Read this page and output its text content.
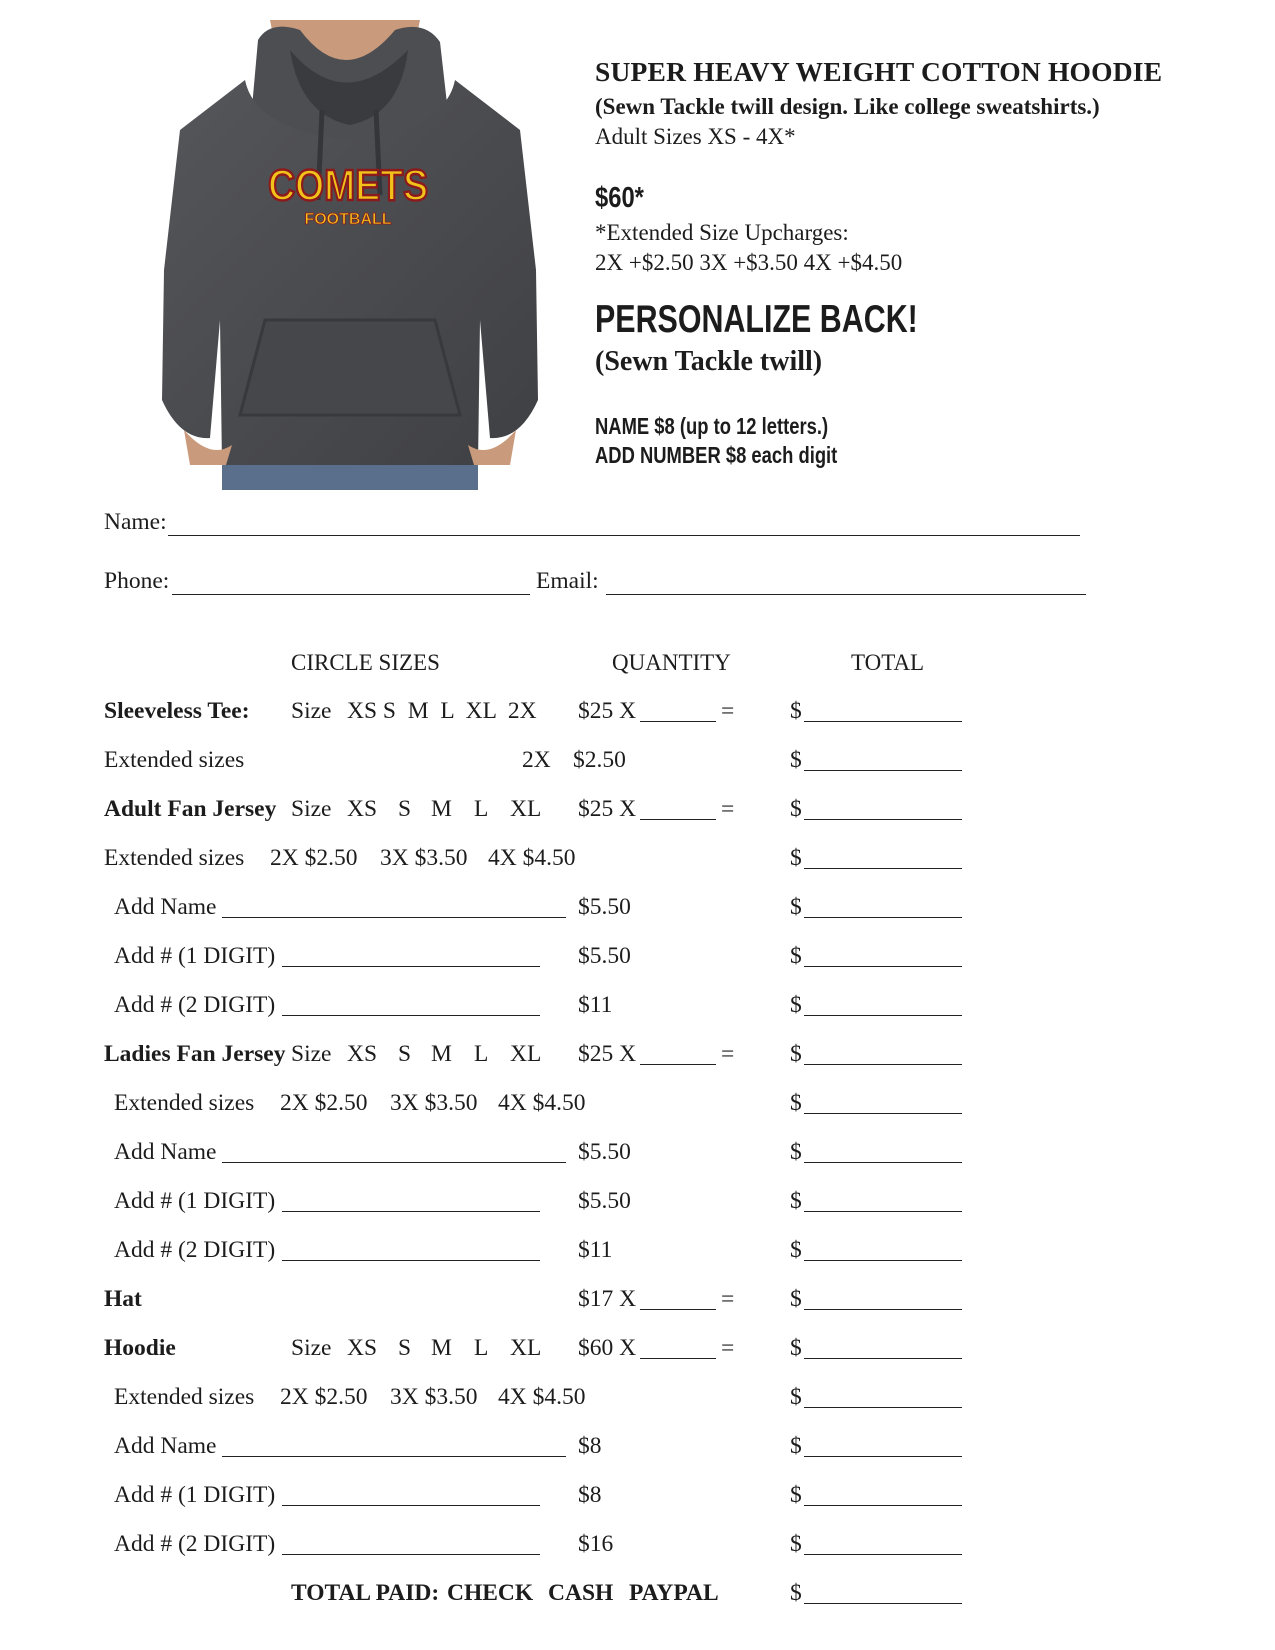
COMETS
FOOTBALL
SUPER HEAVY WEIGHT COTTON HOODIE
(Sewn Tackle twill design. Like college sweatshirts.)
Adult Sizes XS - 4X*
$60*
*Extended Size Upcharges:
2X +$2.50 3X +$3.50 4X +$4.50
PERSONALIZE BACK!
(Sewn Tackle twill)
NAME $8 (up to 12 letters.)
ADD NUMBER $8 each digit
Name:
Phone:	Email:
CIRCLE SIZES	QUANTITY	TOTAL
Sleeveless Tee: Size XS S  M  L  XL  2X $25 X	= $
Extended sizes	2X $2.50	$
Adult Fan Jersey Size XS S M L XL $25 X	= $
Extended sizes 2X $2.50 3X $3.50 4X $4.50	$
Add Name	$5.50	$
Add # (1 DIGIT)	$5.50	$
Add # (2 DIGIT)	$11	$
Ladies Fan Jersey Size XS S M L XL $25 X	= $
Extended sizes 2X $2.50 3X $3.50 4X $4.50	$
Add Name	$5.50	$
Add # (1 DIGIT)	$5.50	$
Add # (2 DIGIT)	$11	$
Hat	$17 X	= $
Hoodie	Size XS S M L XL $60 X	= $
Extended sizes 2X $2.50 3X $3.50 4X $4.50	$
Add Name	$8	$
Add # (1 DIGIT)	$8	$
Add # (2 DIGIT)	$16	$
TOTAL PAID: CHECK CASH PAYPAL	$
